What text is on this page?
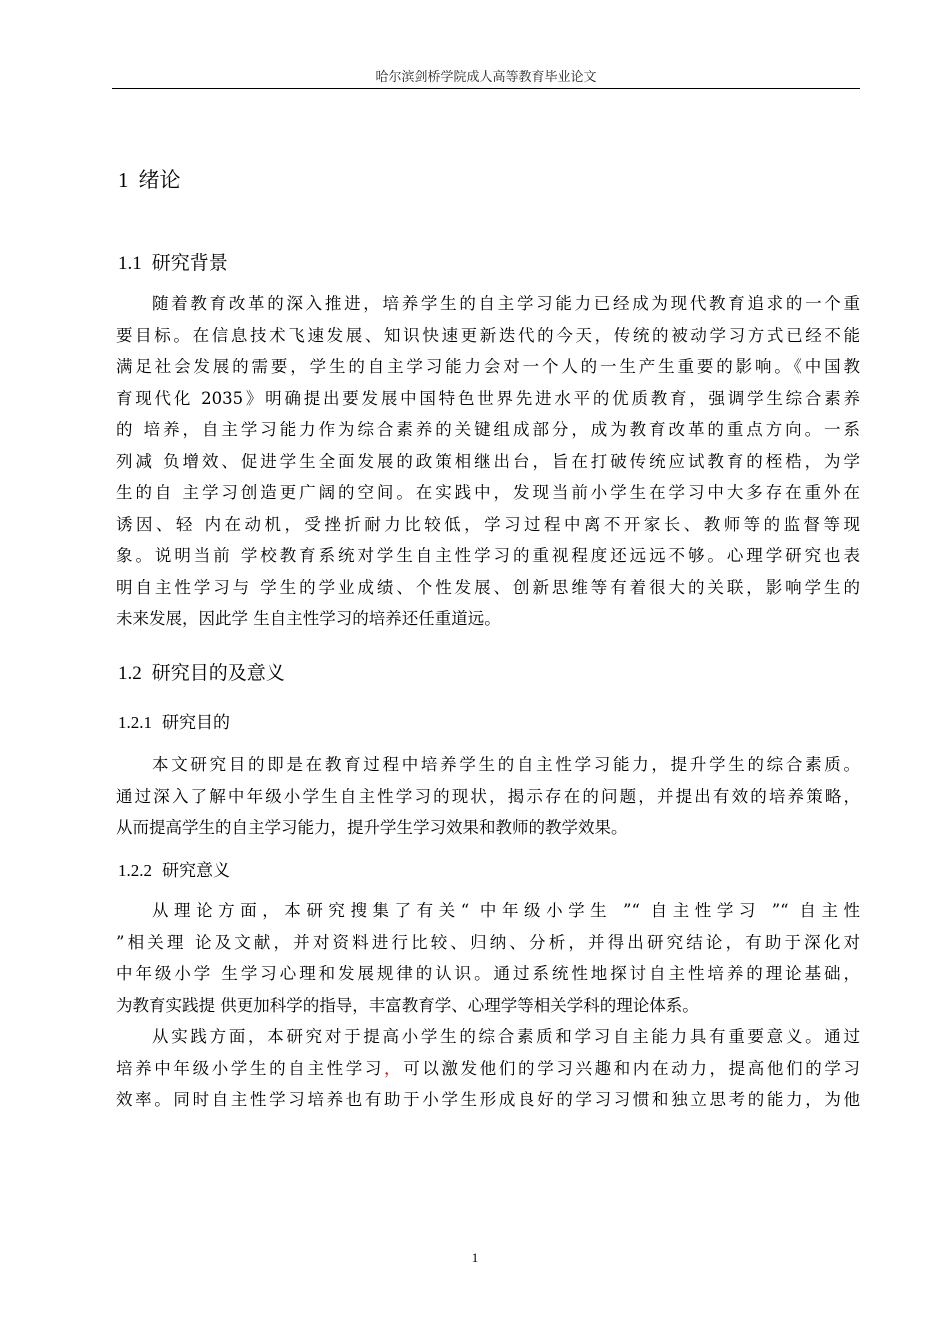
哈尔滨剑桥学院成人高等教育毕业论文
1 绪论
1.1 研究背景
随着教育改革的深入推进，培养学生的自主学习能力已经成为现代教育追求的一个重
要目标。在信息技术飞速发展、知识快速更新迭代的今天，传统的被动学习方式已经不能
满足社会发展的需要，学生的自主学习能力会对一个人的一生产生重要的影响。《中国教
育现代化 2035》明确提出要发展中国特色世界先进水平的优质教育，强调学生综合素养
的 培养，自主学习能力作为综合素养的关键组成部分，成为教育改革的重点方向。一系
列减 负增效、促进学生全面发展的政策相继出台，旨在打破传统应试教育的桎梏，为学
生的自 主学习创造更广阔的空间。在实践中，发现当前小学生在学习中大多存在重外在
诱因、轻 内在动机，受挫折耐力比较低，学习过程中离不开家长、教师等的监督等现
象。说明当前 学校教育系统对学生自主性学习的重视程度还远远不够。心理学研究也表
明自主性学习与 学生的学业成绩、个性发展、创新思维等有着很大的关联，影响学生的
未来发展，因此学 生自主性学习的培养还任重道远。
1.2 研究目的及意义
1.2.1 研究目的
本文研究目的即是在教育过程中培养学生的自主性学习能力，提升学生的综合素质。
通过深入了解中年级小学生自主性学习的现状，揭示存在的问题，并提出有效的培养策略，
从而提高学生的自主学习能力，提升学生学习效果和教师的教学效果。
1.2.2 研究意义
从理论方面，本研究搜集了有关“ 中年级小学生 ”“ 自主性学习 ”“ 自主性
”相关理 论及文献，并对资料进行比较、归纳、分析，并得出研究结论，有助于深化对
中年级小学 生学习心理和发展规律的认识。通过系统性地探讨自主性培养的理论基础，
为教育实践提 供更加科学的指导，丰富教育学、心理学等相关学科的理论体系。
从实践方面，本研究对于提高小学生的综合素质和学习自主能力具有重要意义。通过
培养中年级小学生的自主性学习，可以激发他们的学习兴趣和内在动力，提高他们的学习
效率。同时自主性学习培养也有助于小学生形成良好的学习习惯和独立思考的能力，为他
1
